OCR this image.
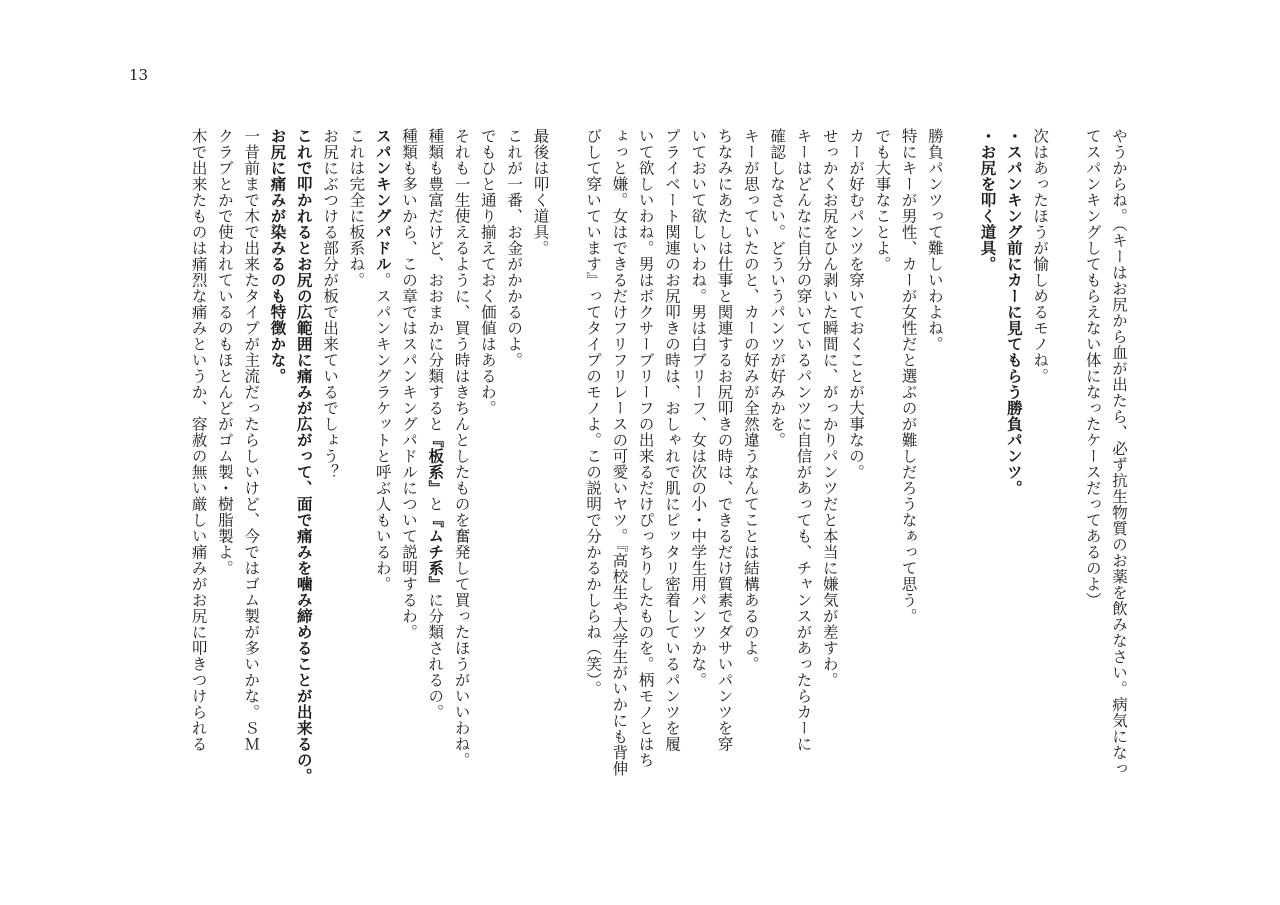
13
やうからね。（キーはお尻から血が出たら、必ず抗生物質のお薬を飲みなさい。病気になっ
てスパンキングしてもらえない体になったケースだってあるのよ）

次はあったほうが愉しめるモノね。
・スパンキング前にカーに見てもらう勝負パンツ。
・お尻を叩く道具。

勝負パンツって難しいわよね。
特にキーが男性、カーが女性だと選ぶのが難しだろうなぁって思う。
でも大事なことよ。
カーが好むパンツを穿いておくことが大事なの。
せっかくお尻をひん剥いた瞬間に、がっかりパンツだと本当に嫌気が差すわ。
キーはどんなに自分の穿いているパンツに自信があっても、チャンスがあったらカーに
確認しなさい。どういうパンツが好みかを。
キーが思っていたのと、カーの好みが全然違うなんてことは結構あるのよ。
ちなみにあたしは仕事と関連するお尻叩きの時は、できるだけ質素でダサいパンツを穿
いておいて欲しいわね。男は白ブリーフ、女は次の小・中学生用パンツかな。
プライベート関連のお尻叩きの時は、おしゃれで肌にピッタリ密着しているパンツを履
いて欲しいわね。男はボクサーブリーフの出来るだけぴっちりしたものを。柄モノとはち
ょっと嫌。女はできるだけフリフリレースの可愛いヤツ。『高校生や大学生がいかにも背伸
びして穿いています』ってタイプのモノよ。この説明で分かるかしらね（笑）。

最後は叩く道具。
これが一番、お金がかかるのよ。
でもひと通り揃えておく価値はあるわ。
それも一生使えるように、買う時はきちんとしたものを奮発して買ったほうがいいわね。
種類も豊富だけど、おおまかに分類すると『板系』と『ムチ系』に分類されるの。
種類も多いから、この章ではスパンキングパドルについて説明するわ。
スパンキングパドル。スパンキングラケットと呼ぶ人もいるわ。
これは完全に板系ね。
お尻にぶつける部分が板で出来ているでしょう？
これで叩かれるとお尻の広範囲に痛みが広がって、面で痛みを噛み締めることが出来るの。
お尻に痛みが染みるのも特徴かな。
一昔前まで木で出来たタイプが主流だったらしいけど、今ではゴム製が多いかな。ＳＭ
クラブとかで使われているのもほとんどがゴム製・樹脂製よ。
木で出来たものは痛烈な痛みというか、容赦の無い厳しい痛みがお尻に叩きつけられる
